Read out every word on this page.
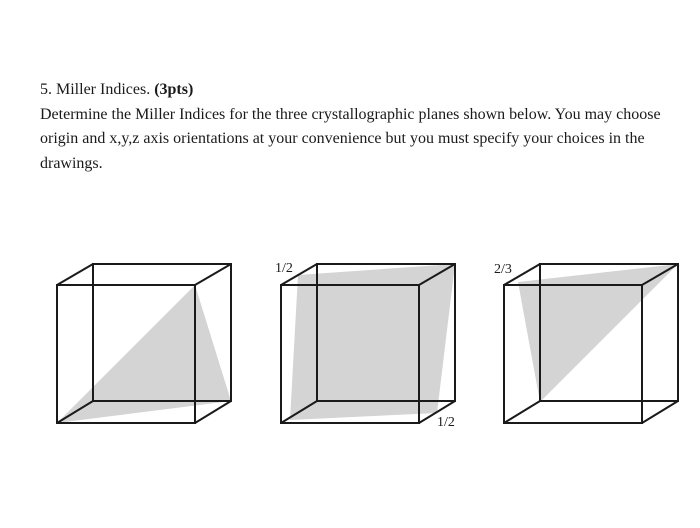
5. Miller Indices. (3pts)

Determine the Miller Indices for the three crystallographic planes shown below. You may choose origin and x,y,z axis orientations at your convenience but you must specify your choices in the drawings.

1/2
1/2
2/3
